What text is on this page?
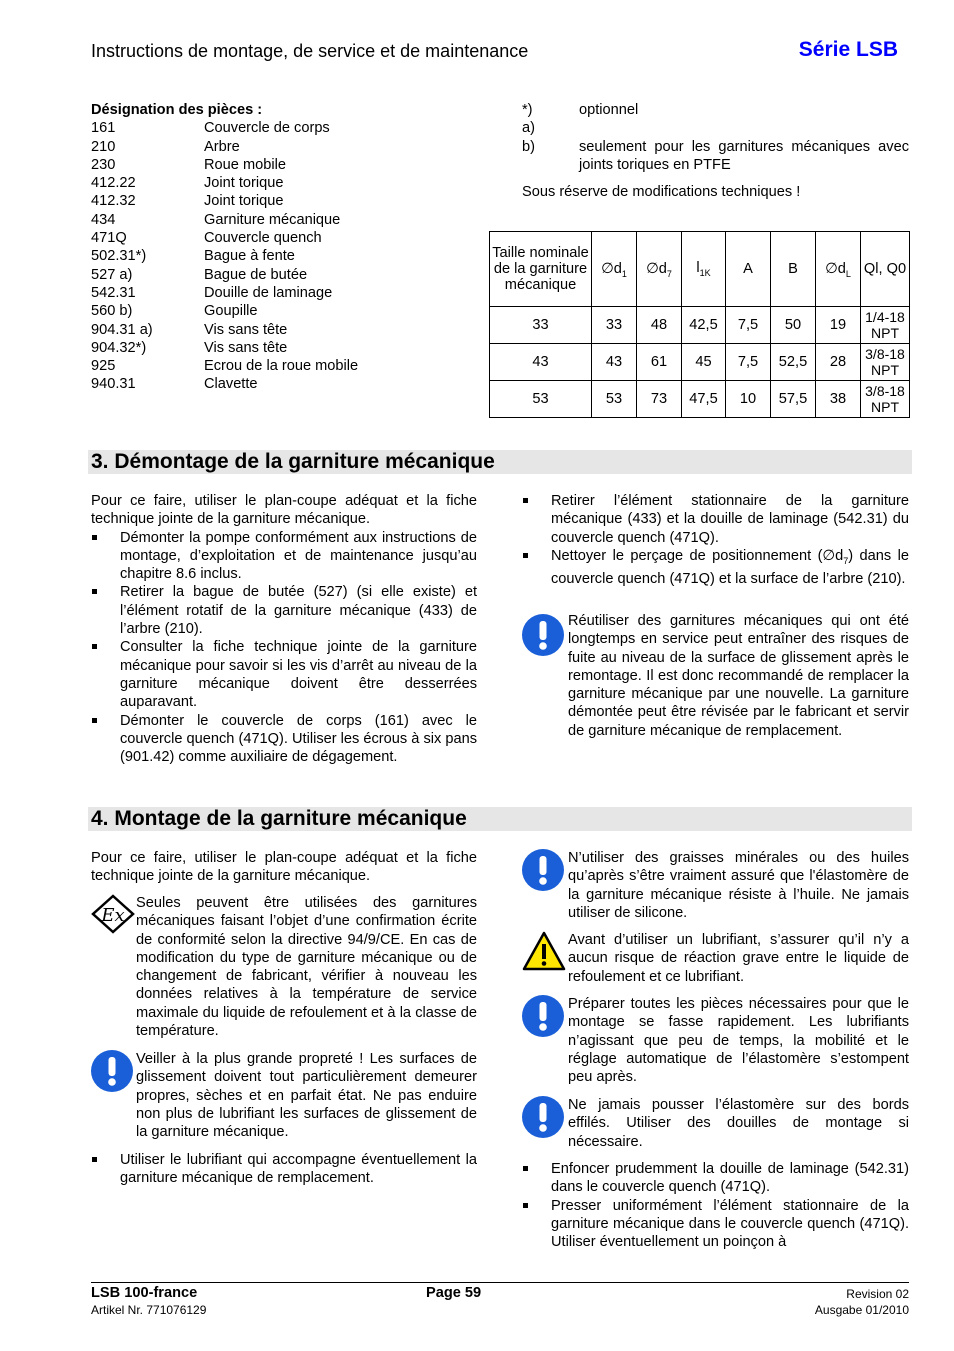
Instructions de montage, de service et de maintenance	Série LSB
Désignation des pièces :
161	Couvercle de corps
210	Arbre
230	Roue mobile
412.22	Joint torique
412.32	Joint torique
434	Garniture mécanique
471Q	Couvercle quench
502.31*)	Bague à fente
527 a)	Bague de butée
542.31	Douille de laminage
560 b)	Goupille
904.31 a)	Vis sans tête
904.32*)	Vis sans tête
925	Ecrou de la roue mobile
940.31	Clavette
*)	optionnel
a)
b)	seulement pour les garnitures mécaniques avec joints toriques en PTFE
Sous réserve de modifications techniques !
Taille nominale de la garniture mécanique	$\emptyset d_1$	$\emptyset d_7$	$l_{1K}$	A	B	$\emptyset d_L$	Ql, Q0
33	33	48	42,5	7,5	50	19	1/4-18
NPT

43	43	61	45	7,5	52,5	28	3/8-18
NPT

53	53	73	47,5	10	57,5	38	3/8-18
NPT
3. Démontage de la garniture mécanique
Pour ce faire, utiliser le plan-coupe adéquat et la fiche technique jointe de la garniture mécanique.
Démonter la pompe conformément aux instructions de montage, d’exploitation et de maintenance jusqu’au chapitre 8.6 inclus.
Retirer la bague de butée (527) (si elle existe) et l’élément rotatif de la garniture mécanique (433) de l’arbre (210).
Consulter la fiche technique jointe de la garniture mécanique pour savoir si les vis d’arrêt au niveau de la garniture mécanique doivent être desserrées auparavant.
Démonter le couvercle de corps (161) avec le couvercle quench (471Q). Utiliser les écrous à six pans (901.42) comme auxiliaire de dégagement.
Retirer l’élément stationnaire de la garniture mécanique (433) et la douille de laminage (542.31) du couvercle quench (471Q).
Nettoyer le perçage de positionnement $(\emptyset d_7)$ dans le couvercle quench (471Q) et la surface de l’arbre (210).
Réutiliser des garnitures mécaniques qui ont été longtemps en service peut entraîner des risques de fuite au niveau de la surface de glissement après le remontage. Il est donc recommandé de remplacer la garniture mécanique par une nouvelle. La garniture démontée peut être révisée par le fabricant et servir de garniture mécanique de remplacement.
4. Montage de la garniture mécanique
Pour ce faire, utiliser le plan-coupe adéquat et la fiche technique jointe de la garniture mécanique.
Ex
Seules peuvent être utilisées des garnitures mécaniques faisant l’objet d’une confirmation écrite de conformité selon la directive 94/9/CE. En cas de modification du type de garniture mécanique ou de changement de fabricant, vérifier à nouveau les données relatives à la température de service maximale du liquide de refoulement et à la classe de température.
Veiller à la plus grande propreté ! Les surfaces de glissement doivent tout particulièrement demeurer propres, sèches et en parfait état. Ne pas enduire non plus de lubrifiant les surfaces de glissement de la garniture mécanique.
Utiliser le lubrifiant qui accompagne éventuellement la garniture mécanique de remplacement.
N’utiliser des graisses minérales ou des huiles qu’après s’être vraiment assuré que l'élastomère de la garniture mécanique résiste à l’huile. Ne jamais utiliser de silicone.
Avant d’utiliser un lubrifiant, s’assurer qu’il n’y a aucun risque de réaction grave entre le liquide de refoulement et ce lubrifiant.
Préparer toutes les pièces nécessaires pour que le montage se fasse rapidement. Les lubrifiants n’agissant que peu de temps, la mobilité et le réglage automatique de l’élastomère s’estompent peu après.
Ne jamais pousser l’élastomère sur des bords effilés. Utiliser des douilles de montage si nécessaire.
Enfoncer prudemment la douille de laminage (542.31) dans le couvercle quench (471Q).
Presser uniformément l’élément stationnaire de la garniture mécanique dans le couvercle quench (471Q). Utiliser éventuellement un poinçon à
LSB 100-france
Artikel Nr. 771076129
Page 59	Revision 02
Ausgabe 01/2010
